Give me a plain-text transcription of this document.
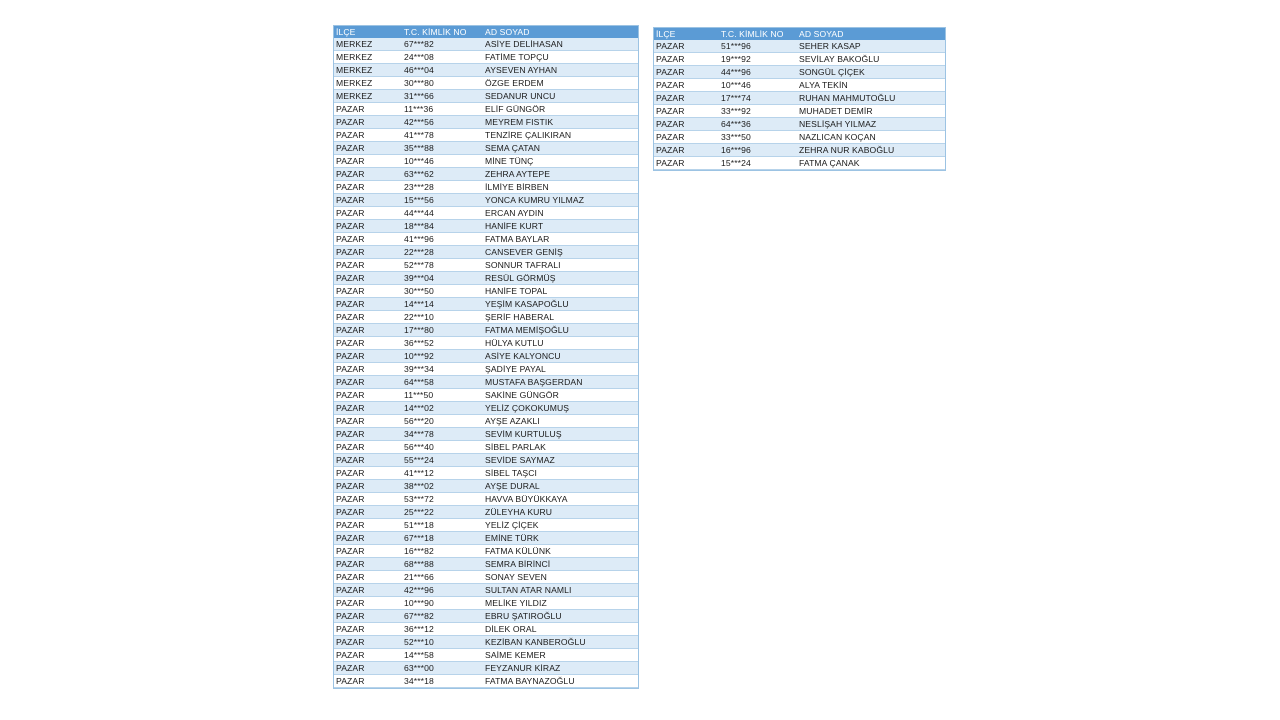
İLÇE	T.C. KİMLİK NO	AD SOYAD
MERKEZ	67***82	ASİYE DELİHASAN
MERKEZ	24***08	FATİME TOPÇU
MERKEZ	46***04	AYSEVEN AYHAN
MERKEZ	30***80	ÖZGE ERDEM
MERKEZ	31***66	SEDANUR UNCU
PAZAR	11***36	ELİF GÜNGÖR
PAZAR	42***56	MEYREM FISTIK
PAZAR	41***78	TENZİRE ÇALIKIRAN
PAZAR	35***88	SEMA ÇATAN
PAZAR	10***46	MİNE TÜNÇ
PAZAR	63***62	ZEHRA AYTEPE
PAZAR	23***28	İLMİYE BİRBEN
PAZAR	15***56	YONCA KUMRU YILMAZ
PAZAR	44***44	ERCAN AYDIN
PAZAR	18***84	HANİFE KURT
PAZAR	41***96	FATMA BAYLAR
PAZAR	22***28	CANSEVER GENİŞ
PAZAR	52***78	SONNUR TAFRALI
PAZAR	39***04	RESÜL GÖRMÜŞ
PAZAR	30***50	HANİFE TOPAL
PAZAR	14***14	YEŞİM KASAPOĞLU
PAZAR	22***10	ŞERİF HABERAL
PAZAR	17***80	FATMA MEMİŞOĞLU
PAZAR	36***52	HÜLYA KUTLU
PAZAR	10***92	ASİYE KALYONCU
PAZAR	39***34	ŞADİYE PAYAL
PAZAR	64***58	MUSTAFA BAŞGERDAN
PAZAR	11***50	SAKİNE GÜNGÖR
PAZAR	14***02	YELİZ ÇOKOKUMUŞ
PAZAR	56***20	AYŞE AZAKLI
PAZAR	34***78	SEVİM KURTULUŞ
PAZAR	56***40	SİBEL PARLAK
PAZAR	55***24	SEVİDE SAYMAZ
PAZAR	41***12	SİBEL TAŞCI
PAZAR	38***02	AYŞE DURAL
PAZAR	53***72	HAVVA BÜYÜKKAYA
PAZAR	25***22	ZÜLEYHA KURU
PAZAR	51***18	YELİZ ÇİÇEK
PAZAR	67***18	EMİNE TÜRK
PAZAR	16***82	FATMA KÜLÜNK
PAZAR	68***88	SEMRA BİRİNCİ
PAZAR	21***66	SONAY SEVEN
PAZAR	42***96	SULTAN ATAR NAMLI
PAZAR	10***90	MELİKE YILDIZ
PAZAR	67***82	EBRU ŞATIROĞLU
PAZAR	36***12	DİLEK ORAL
PAZAR	52***10	KEZİBAN KANBEROĞLU
PAZAR	14***58	SAİME KEMER
PAZAR	63***00	FEYZANUR KİRAZ
PAZAR	34***18	FATMA BAYNAZOĞLU
İLÇE	T.C. KİMLİK NO	AD SOYAD
PAZAR	51***96	SEHER KASAP
PAZAR	19***92	SEVİLAY BAKOĞLU
PAZAR	44***96	SONGÜL ÇİÇEK
PAZAR	10***46	ALYA TEKİN
PAZAR	17***74	RUHAN MAHMUTOĞLU
PAZAR	33***92	MUHADET DEMİR
PAZAR	64***36	NESLİŞAH YILMAZ
PAZAR	33***50	NAZLICAN KOÇAN
PAZAR	16***96	ZEHRA NUR KABOĞLU
PAZAR	15***24	FATMA ÇANAK
